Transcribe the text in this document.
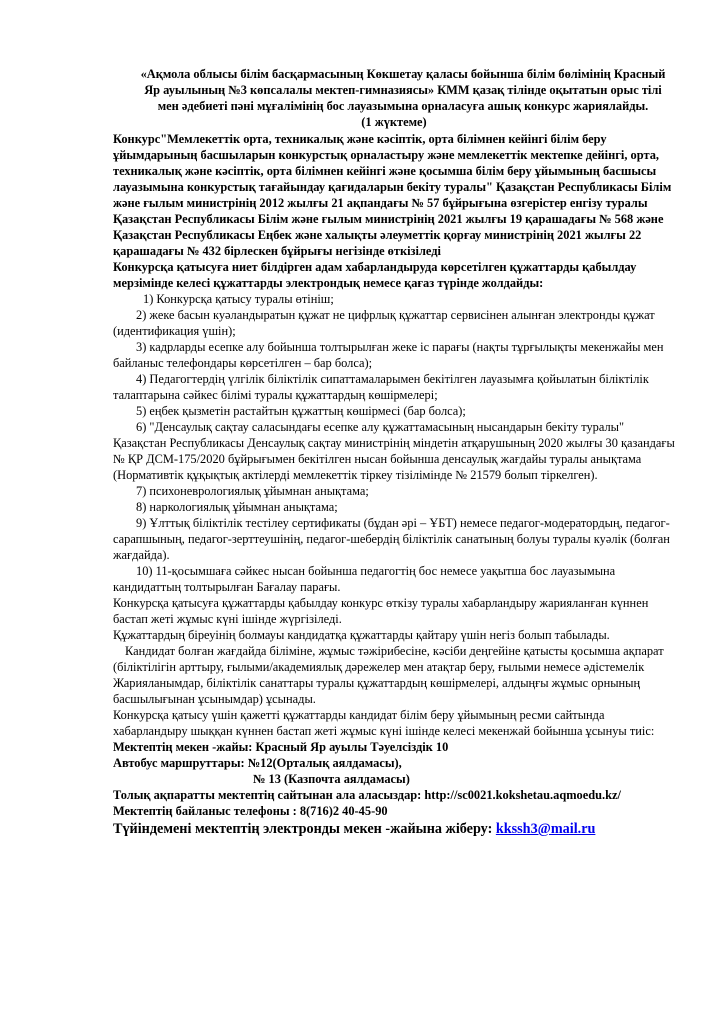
«Ақмола облысы білім басқармасының Көкшетау қаласы бойынша білім бөлімінің Красный Яр ауылының №3 көпсалалы мектеп-гимназиясы» КММ қазақ тілінде оқытатын орыс тілі мен әдебиеті пәні мұғалімінің бос лауазымына орналасуға ашық конкурс жариялайды.

(1 жүктеме)

Конкурс"Мемлекеттік орта, техникалық және кәсіптік, орта білімнен кейінгі білім беру ұйымдарының басшыларын конкурстық орналастыру және мемлекеттік мектепке дейінгі, орта, техникалық және кәсіптік, орта білімнен кейінгі және қосымша білім беру ұйымының басшысы лауазымына конкурстық тағайындау қағидаларын бекіту туралы" Қазақстан Республикасы Білім және ғылым министрінің 2012 жылғы 21 ақпандағы № 57 бұйрығына өзгерістер енгізу туралы

Қазақстан Республикасы Білім және ғылым министрінің 2021 жылғы 19 қарашадағы № 568 және Қазақстан Республикасы Еңбек және халықты әлеуметтік қорғау министрінің 2021 жылғы 22 қарашадағы № 432 бірлескен бұйрығы негізінде өткізіледі

Конкурсқа қатысуға ниет білдірген адам хабарландыруда көрсетілген құжаттарды қабылдау мерзімінде келесі құжаттарды электрондық немесе қағаз түрінде жолдайды:

1) Конкурсқа қатысу туралы өтініш;

2) жеке басын куәландыратын құжат не цифрлық құжаттар сервисінен алынған электронды құжат (идентификация үшін);

3) кадрларды есепке алу бойынша толтырылған жеке іс парағы (нақты тұрғылықты мекенжайы мен байланыс телефондары көрсетілген – бар болса);

4) Педагогтердің үлгілік біліктілік сипаттамаларымен бекітілген лауазымға қойылатын біліктілік талаптарына сәйкес білімі туралы құжаттардың көшірмелері;

5) еңбек қызметін растайтын құжаттың көшірмесі (бар болса);

6) "Денсаулық сақтау саласындағы есепке алу құжаттамасының нысандарын бекіту туралы" Қазақстан Республикасы Денсаулық сақтау министрінің міндетін атқарушының 2020 жылғы 30 қазандағы № ҚР ДСМ-175/2020 бұйрығымен бекітілген нысан бойынша денсаулық жағдайы туралы анықтама (Нормативтік құқықтық актілерді мемлекеттік тіркеу тізілімінде № 21579 болып тіркелген).

7) психоневрологиялық ұйымнан анықтама;

8) наркологиялық ұйымнан анықтама;

9) Ұлттық біліктілік тестілеу сертификаты (бұдан әрі – ҰБТ) немесе педагог-модератордың, педагог-сарапшының, педагог-зерттеушінің, педагог-шебердің біліктілік санатының болуы туралы куәлік (болған жағдайда).

10) 11-қосымшаға сәйкес нысан бойынша педагогтің бос немесе уақытша бос лауазымына кандидаттың толтырылған Бағалау парағы.

Конкурсқа қатысуға құжаттарды қабылдау конкурс өткізу туралы хабарландыру жарияланған күннен бастап жеті жұмыс күні ішінде жүргізіледі.

Құжаттардың біреуінің болмауы кандидатқа құжаттарды қайтару үшін негіз болып табылады.

Кандидат болған жағдайда біліміне, жұмыс тәжірибесіне, кәсіби деңгейіне қатысты қосымша ақпарат (біліктілігін арттыру, ғылыми/академиялық дәрежелер мен атақтар беру, ғылыми немесе әдістемелік Жарияланымдар, біліктілік санаттары туралы құжаттардың көшірмелері, алдыңғы жұмыс орнының басшылығынан ұсынымдар) ұсынады.

Конкурсқа қатысу үшін қажетті құжаттарды кандидат білім беру ұйымының ресми сайтында хабарландыру шыққан күннен бастап жеті жұмыс күні ішінде келесі мекенжай бойынша ұсынуы тиіс:

Мектептің мекен -жайы: Красный Яр ауылы Тәуелсіздік 10

Автобус маршруттары: №12(Орталық аялдамасы),

№ 13 (Казпочта аялдамасы)

Толық ақпаратты мектептің сайтынан ала аласыздар: http://sc0021.kokshetau.aqmoedu.kz/

Мектептің байланыс телефоны : 8(716)2 40-45-90

Түйіндемені мектептің электронды мекен -жайына жіберу: kkssh3@mail.ru
